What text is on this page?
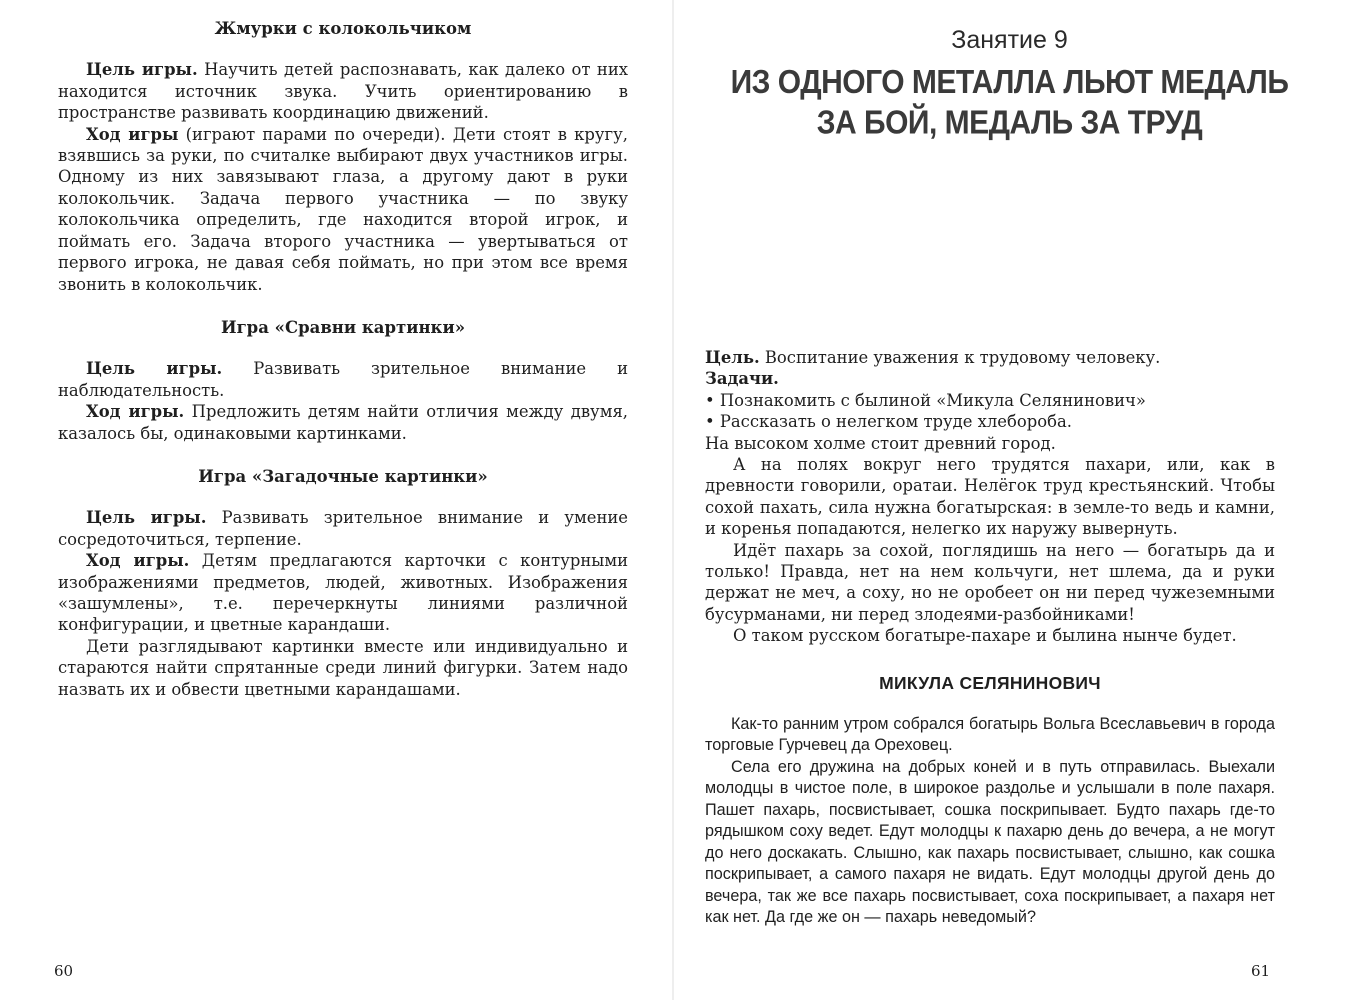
Жмурки с колокольчиком

Цель игры. Научить детей распознавать, как далеко от них находится источник звука. Учить ориентированию в пространстве развивать координацию движений.

Ход игры (играют парами по очереди). Дети стоят в кругу, взявшись за руки, по считалке выбирают двух участников игры. Одному из них завязывают глаза, а другому дают в руки колокольчик. Задача первого участника — по звуку колокольчика определить, где находится второй игрок, и поймать его. Задача второго участника — увертываться от первого игрока, не давая себя поймать, но при этом все время звонить в колокольчик.

Игра «Сравни картинки»

Цель игры. Развивать зрительное внимание и наблюдательность.

Ход игры. Предложить детям найти отличия между двумя, казалось бы, одинаковыми картинками.

Игра «Загадочные картинки»

Цель игры. Развивать зрительное внимание и умение сосредоточиться, терпение.

Ход игры. Детям предлагаются карточки с контурными изображениями предметов, людей, животных. Изображения «зашумлены», т.е. перечеркнуты линиями различной конфигурации, и цветные карандаши.

Дети разглядывают картинки вместе или индивидуально и стараются найти спрятанные среди линий фигурки. Затем надо назвать их и обвести цветными карандашами.

60
Занятие 9
ИЗ ОДНОГО МЕТАЛЛА ЛЬЮТ МЕДАЛЬ
ЗА БОЙ, МЕДАЛЬ ЗА ТРУД

Цель. Воспитание уважения к трудовому человеку.

Задачи.

• Познакомить с былиной «Микула Селянинович»

• Рассказать о нелегком труде хлебороба.

На высоком холме стоит древний город.

А на полях вокруг него трудятся пахари, или, как в древности говорили, оратаи. Нелёгок труд крестьянский. Чтобы сохой пахать, сила нужна богатырская: в земле-то ведь и камни, и коренья попадаются, нелегко их наружу вывернуть.

Идёт пахарь за сохой, поглядишь на него — богатырь да и только! Правда, нет на нем кольчуги, нет шлема, да и руки держат не меч, а соху, но не оробеет он ни перед чужеземными бусурманами, ни перед злодеями-разбойниками!

О таком русском богатыре-пахаре и былина нынче будет.

МИКУЛА СЕЛЯНИНОВИЧ

Как-то ранним утром собрался богатырь Вольга Всеславьевич в города торговые Гурчевец да Ореховец.

Села его дружина на добрых коней и в путь отправилась. Выехали молодцы в чистое поле, в широкое раздолье и услышали в поле пахаря. Пашет пахарь, посвистывает, сошка поскрипывает. Будто пахарь где-то рядышком соху ведет. Едут молодцы к пахарю день до вечера, а не могут до него доскакать. Слышно, как пахарь посвистывает, слышно, как сошка поскрипывает, а самого пахаря не видать. Едут молодцы другой день до вечера, так же все пахарь посвистывает, соха поскрипывает, а пахаря нет как нет. Да где же он — пахарь неведомый?

61
